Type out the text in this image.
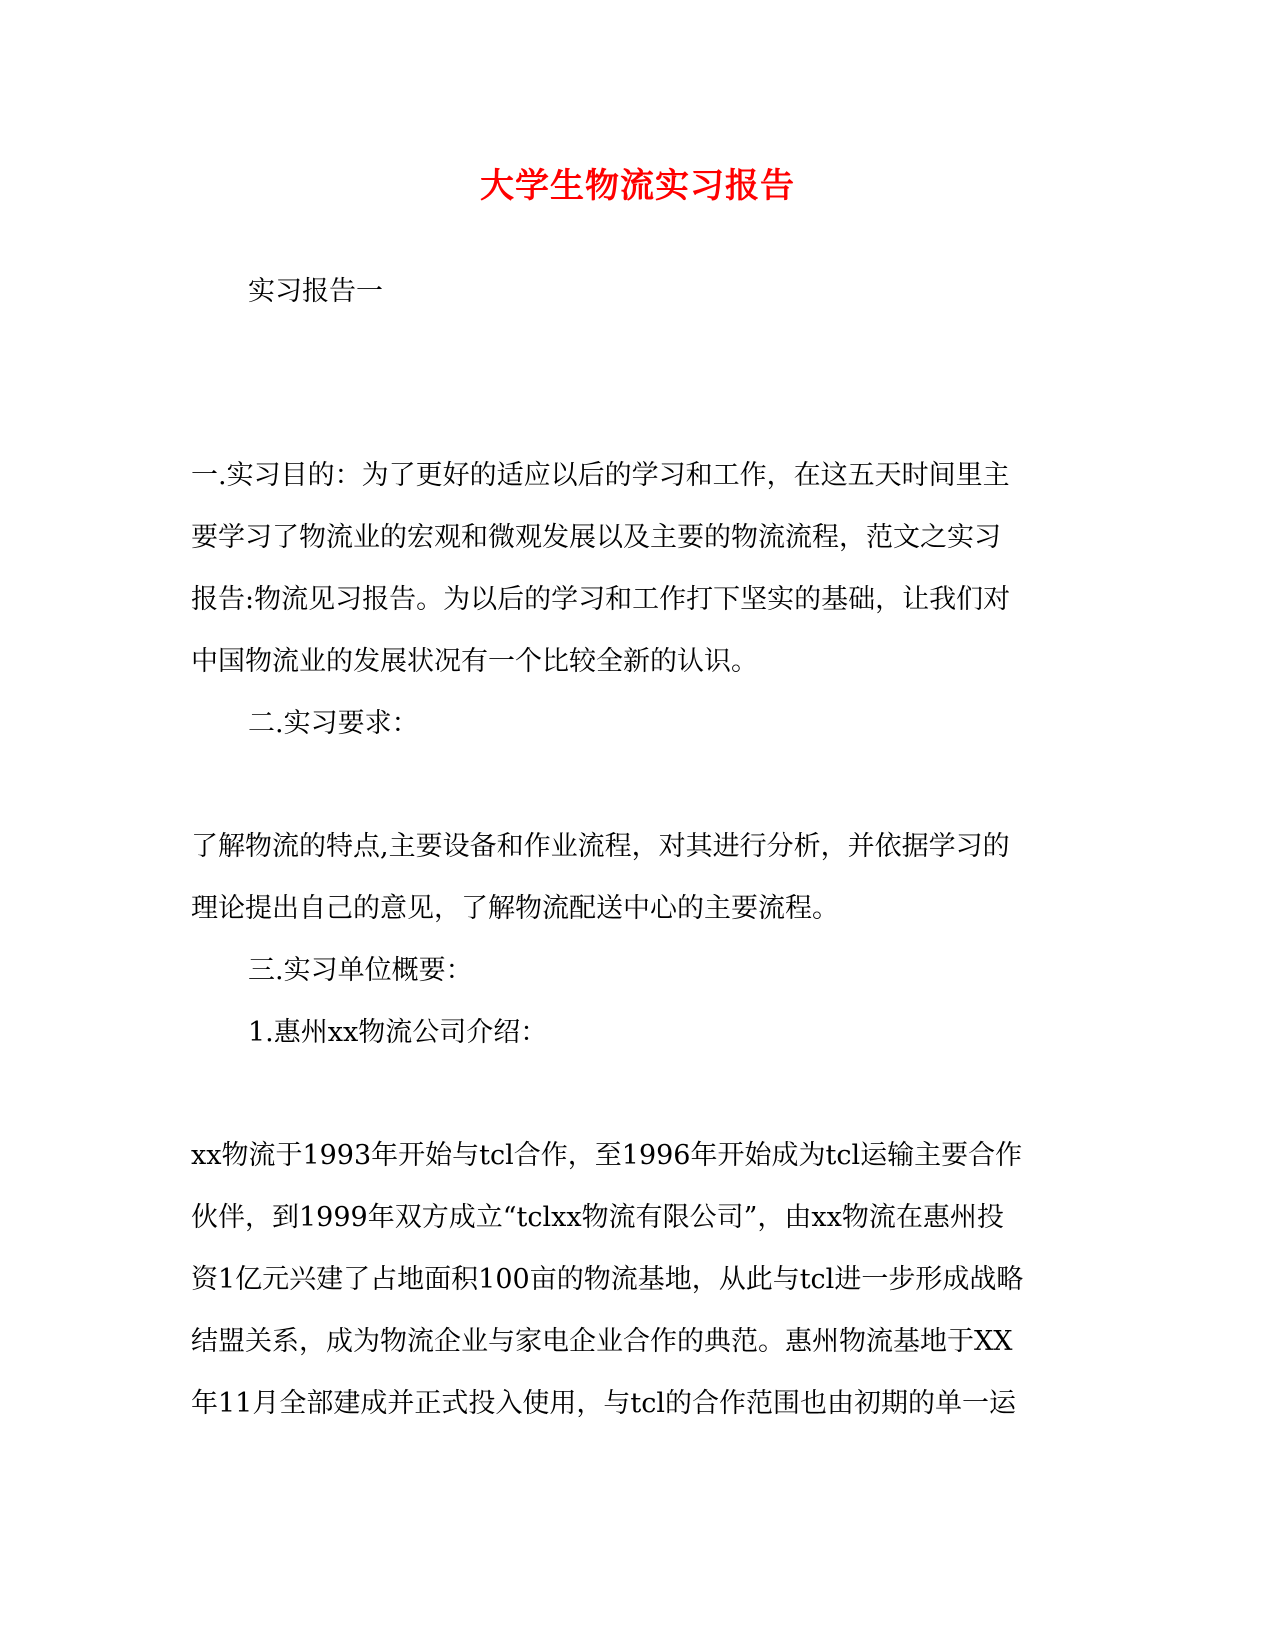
大学生物流实习报告
实习报告一
一.实习目的：为了更好的适应以后的学习和工作，在这五天时间里主
要学习了物流业的宏观和微观发展以及主要的物流流程，范文之实习
报告:物流见习报告。为以后的学习和工作打下坚实的基础，让我们对
中国物流业的发展状况有一个比较全新的认识。
二.实习要求：
了解物流的特点,主要设备和作业流程，对其进行分析，并依据学习的
理论提出自己的意见，了解物流配送中心的主要流程。
三.实习单位概要：
1.惠州xx物流公司介绍：
xx物流于1993年开始与tcl合作，至1996年开始成为tcl运输主要合作
伙伴，到1999年双方成立“tclxx物流有限公司”，由xx物流在惠州投
资1亿元兴建了占地面积100亩的物流基地，从此与tcl进一步形成战略
结盟关系，成为物流企业与家电企业合作的典范。惠州物流基地于XX
年11月全部建成并正式投入使用，与tcl的合作范围也由初期的单一运
